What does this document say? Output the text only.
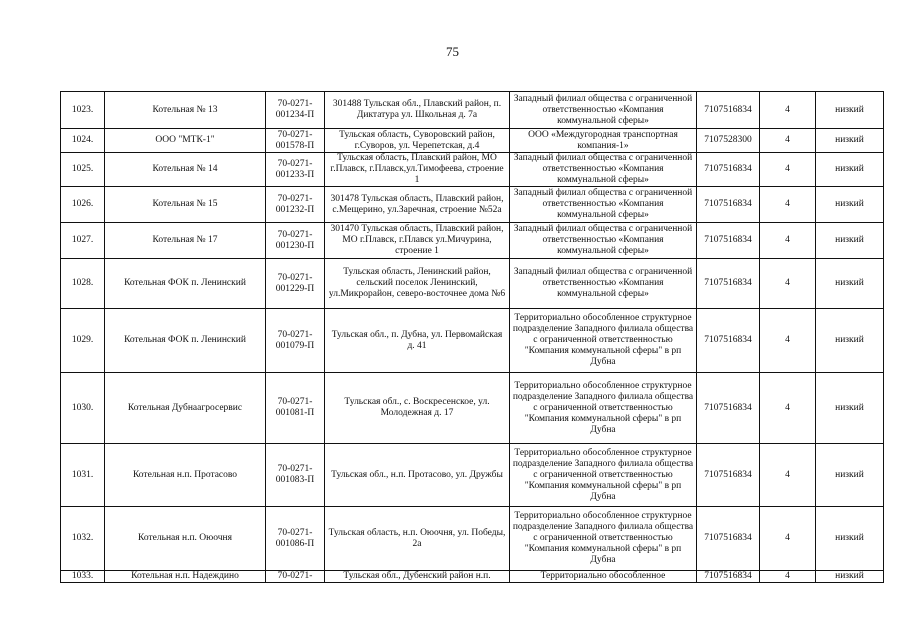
75
1023.	Котельная № 13	70-0271-001234-П	301488 Тульская обл., Плавский район, п. Диктатура ул. Школьная д. 7а	Западный филиал общества с ограниченной ответственностью «Компания коммунальной сферы»	7107516834	4	низкий
1024.	ООО "МТК-1"	70-0271-001578-П	Тульская область, Суворовский район, г.Суворов, ул. Черепетская, д.4	ООО «Междугородная транспортная компания-1»	7107528300	4	низкий
1025.	Котельная № 14	70-0271-001233-П	Тульская область, Плавский район, МО г.Плавск, г.Плавск,ул.Тимофеева, строение 1	Западный филиал общества с ограниченной ответственностью «Компания коммунальной сферы»	7107516834	4	низкий
1026.	Котельная № 15	70-0271-001232-П	301478 Тульская область, Плавский район, с.Мещерино, ул.Заречная, строение №52а	Западный филиал общества с ограниченной ответственностью «Компания коммунальной сферы»	7107516834	4	низкий
1027.	Котельная № 17	70-0271-001230-П	301470 Тульская область, Плавский район, МО г.Плавск, г.Плавск ул.Мичурина, строение 1	Западный филиал общества с ограниченной ответственностью «Компания коммунальной сферы»	7107516834	4	низкий
1028.	Котельная ФОК п. Ленинский	70-0271-001229-П	Тульская область, Ленинский район, сельский поселок Ленинский, ул.Микрорайон, северо-восточнее дома №6	Западный филиал общества с ограниченной ответственностью «Компания коммунальной сферы»	7107516834	4	низкий
1029.	Котельная ФОК п. Ленинский	70-0271-001079-П	Тульская обл., п. Дубна, ул. Первомайская д. 41	Территориально обособленное структурное подразделение Западного филиала общества с ограниченной ответственностью "Компания коммунальной сферы" в рп Дубна	7107516834	4	низкий
1030.	Котельная Дубнаагросервис	70-0271-001081-П	Тульская обл., с. Воскресенское, ул. Молодежная д. 17	Территориально обособленное структурное подразделение Западного филиала общества с ограниченной ответственностью "Компания коммунальной сферы" в рп Дубна	7107516834	4	низкий
1031.	Котельная н.п. Протасово	70-0271-001083-П	Тульская обл., н.п. Протасово, ул. Дружбы	Территориально обособленное структурное подразделение Западного филиала общества с ограниченной ответственностью "Компания коммунальной сферы" в рп Дубна	7107516834	4	низкий
1032.	Котельная н.п. Оюочня	70-0271-001086-П	Тульская область, н.п. Оюочня, ул. Победы, 2а	Территориально обособленное структурное подразделение Западного филиала общества с ограниченной ответственностью "Компания коммунальной сферы" в рп Дубна	7107516834	4	низкий
1033.	Котельная н.п. Надеждино	70-0271-	Тульская обл., Дубенский район н.п.	Территориально обособленное	7107516834	4	низкий
